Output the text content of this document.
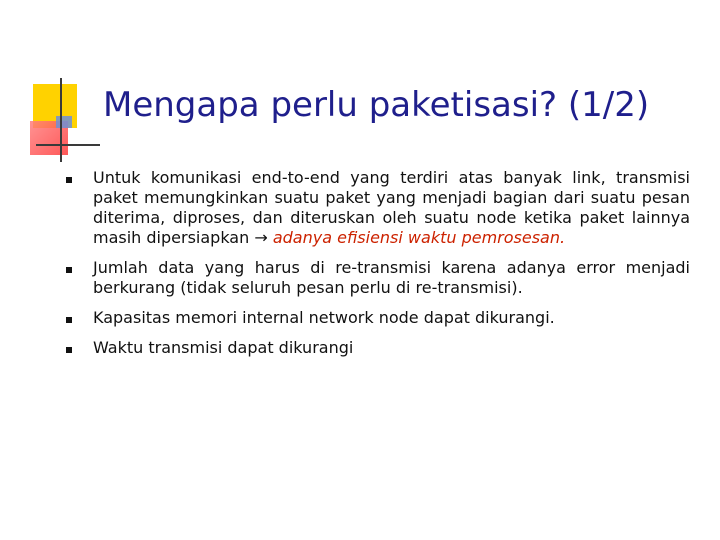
Mengapa perlu paketisasi? (1/2)
Untuk komunikasi end-to-end yang terdiri atas banyak link, transmisi paket memungkinkan suatu paket yang menjadi bagian dari suatu pesan diterima, diproses, dan diteruskan oleh suatu node ketika paket lainnya masih dipersiapkan → adanya efisiensi waktu pemrosesan.
Jumlah data yang harus di re-transmisi karena adanya error menjadi berkurang (tidak seluruh pesan perlu di re-transmisi).
Kapasitas memori internal network node dapat dikurangi.
Waktu transmisi dapat dikurangi
